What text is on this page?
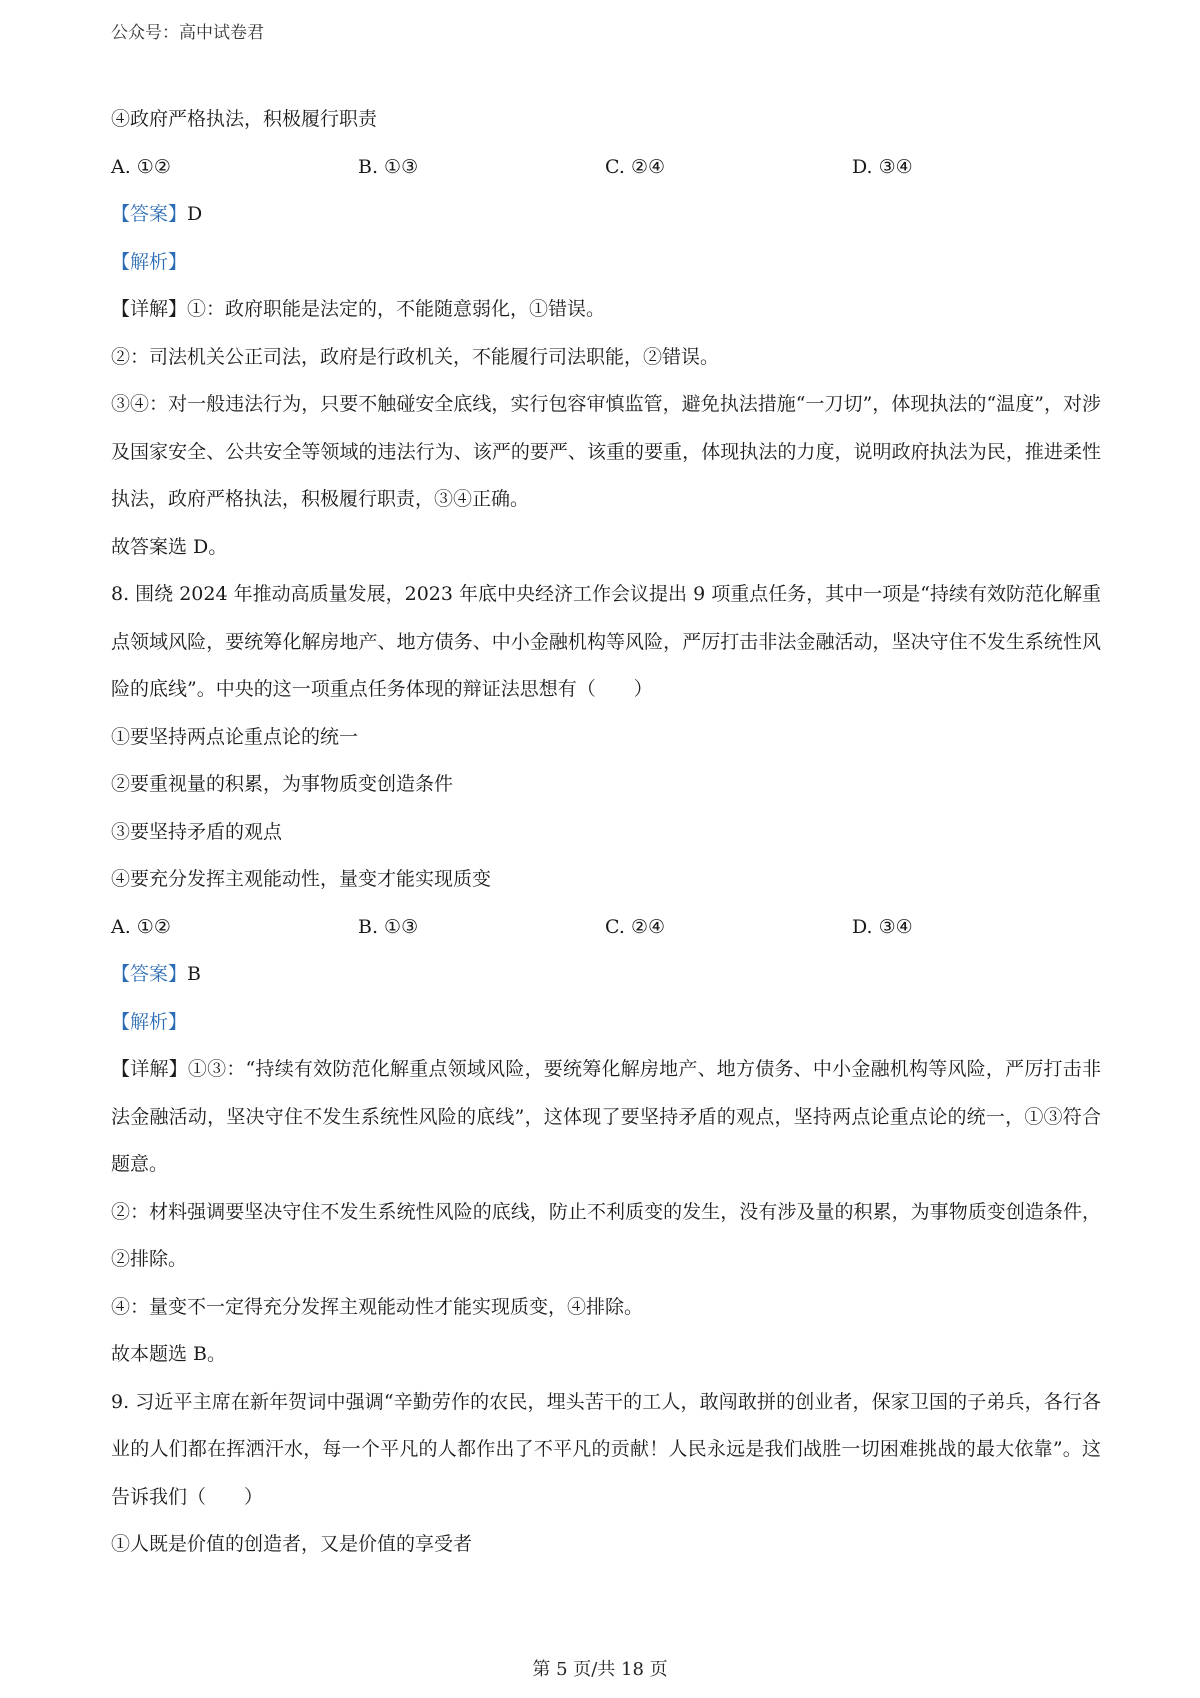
公众号：高中试卷君
④政府严格执法，积极履行职责
A. ①②	B. ①③	C. ②④	D. ③④
【答案】D
【解析】
【详解】①：政府职能是法定的，不能随意弱化，①错误。
②：司法机关公正司法，政府是行政机关，不能履行司法职能，②错误。
③④：对一般违法行为，只要不触碰安全底线，实行包容审慎监管，避免执法措施“一刀切”，体现执法的“温度”，对涉及国家安全、公共安全等领域的违法行为、该严的要严、该重的要重，体现执法的力度，说明政府执法为民，推进柔性执法，政府严格执法，积极履行职责，③④正确。
故答案选 D。
8. 围绕 2024 年推动高质量发展，2023 年底中央经济工作会议提出 9 项重点任务，其中一项是“持续有效防范化解重点领域风险，要统筹化解房地产、地方债务、中小金融机构等风险，严厉打击非法金融活动，坚决守住不发生系统性风险的底线”。中央的这一项重点任务体现的辩证法思想有（　　）
①要坚持两点论重点论的统一
②要重视量的积累，为事物质变创造条件
③要坚持矛盾的观点
④要充分发挥主观能动性，量变才能实现质变
A. ①②	B. ①③	C. ②④	D. ③④
【答案】B
【解析】
【详解】①③：“持续有效防范化解重点领域风险，要统筹化解房地产、地方债务、中小金融机构等风险，严厉打击非法金融活动，坚决守住不发生系统性风险的底线”，这体现了要坚持矛盾的观点，坚持两点论重点论的统一，①③符合题意。
②：材料强调要坚决守住不发生系统性风险的底线，防止不利质变的发生，没有涉及量的积累，为事物质变创造条件，②排除。
④：量变不一定得充分发挥主观能动性才能实现质变，④排除。
故本题选 B。
9. 习近平主席在新年贺词中强调“辛勤劳作的农民，埋头苦干的工人，敢闯敢拼的创业者，保家卫国的子弟兵，各行各业的人们都在挥洒汗水，每一个平凡的人都作出了不平凡的贡献！人民永远是我们战胜一切困难挑战的最大依靠”。这告诉我们（　　）
①人既是价值的创造者，又是价值的享受者
第 5 页/共 18 页
